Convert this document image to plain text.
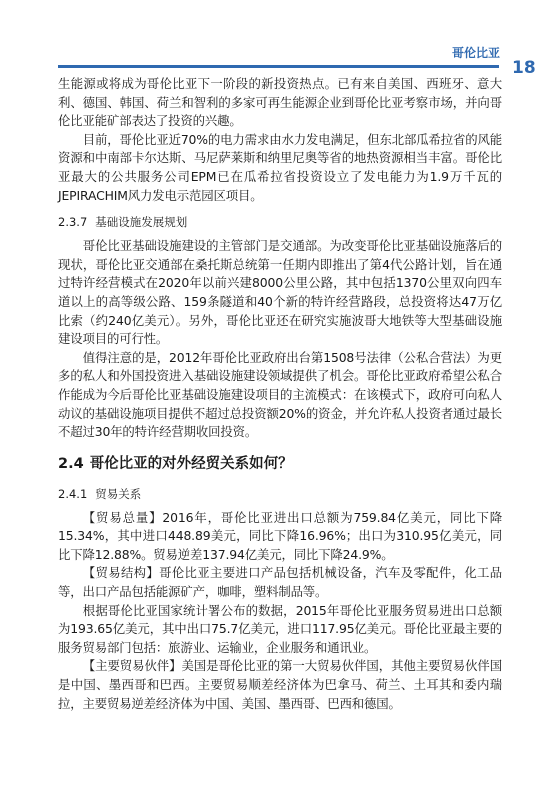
哥伦比亚
18

生能源或将成为哥伦比亚下一阶段的新投资热点。已有来自美国、西班牙、意大利、德国、韩国、荷兰和智利的多家可再生能源企业到哥伦比亚考察市场，并向哥伦比亚能矿部表达了投资的兴趣。

目前，哥伦比亚近70%的电力需求由水力发电满足，但东北部瓜希拉省的风能资源和中南部卡尔达斯、马尼萨莱斯和纳里尼奥等省的地热资源相当丰富。哥伦比亚最大的公共服务公司EPM已在瓜希拉省投资设立了发电能力为1.9万千瓦的JEPIRACHIM风力发电示范园区项目。

2.3.7 基础设施发展规划

哥伦比亚基础设施建设的主管部门是交通部。为改变哥伦比亚基础设施落后的现状，哥伦比亚交通部在桑托斯总统第一任期内即推出了第4代公路计划，旨在通过特许经营模式在2020年以前兴建8000公里公路，其中包括1370公里双向四车道以上的高等级公路、159条隧道和40个新的特许经营路段，总投资将达47万亿比索（约240亿美元）。另外，哥伦比亚还在研究实施波哥大地铁等大型基础设施建设项目的可行性。

值得注意的是，2012年哥伦比亚政府出台第1508号法律（公私合营法）为更多的私人和外国投资进入基础设施建设领域提供了机会。哥伦比亚政府希望公私合作能成为今后哥伦比亚基础设施建设项目的主流模式：在该模式下，政府可向私人动议的基础设施项目提供不超过总投资额20%的资金，并允许私人投资者通过最长不超过30年的特许经营期收回投资。

2.4 哥伦比亚的对外经贸关系如何？
2.4.1 贸易关系

【贸易总量】2016年，哥伦比亚进出口总额为759.84亿美元，同比下降15.34%，其中进口448.89美元，同比下降16.96%；出口为310.95亿美元，同比下降12.88%。贸易逆差137.94亿美元，同比下降24.9%。

【贸易结构】哥伦比亚主要进口产品包括机械设备，汽车及零配件，化工品等，出口产品包括能源矿产，咖啡，塑料制品等。

根据哥伦比亚国家统计署公布的数据，2015年哥伦比亚服务贸易进出口总额为193.65亿美元，其中出口75.7亿美元，进口117.95亿美元。哥伦比亚最主要的服务贸易部门包括：旅游业、运输业，企业服务和通讯业。

【主要贸易伙伴】美国是哥伦比亚的第一大贸易伙伴国，其他主要贸易伙伴国是中国、墨西哥和巴西。主要贸易顺差经济体为巴拿马、荷兰、土耳其和委内瑞拉，主要贸易逆差经济体为中国、美国、墨西哥、巴西和德国。
